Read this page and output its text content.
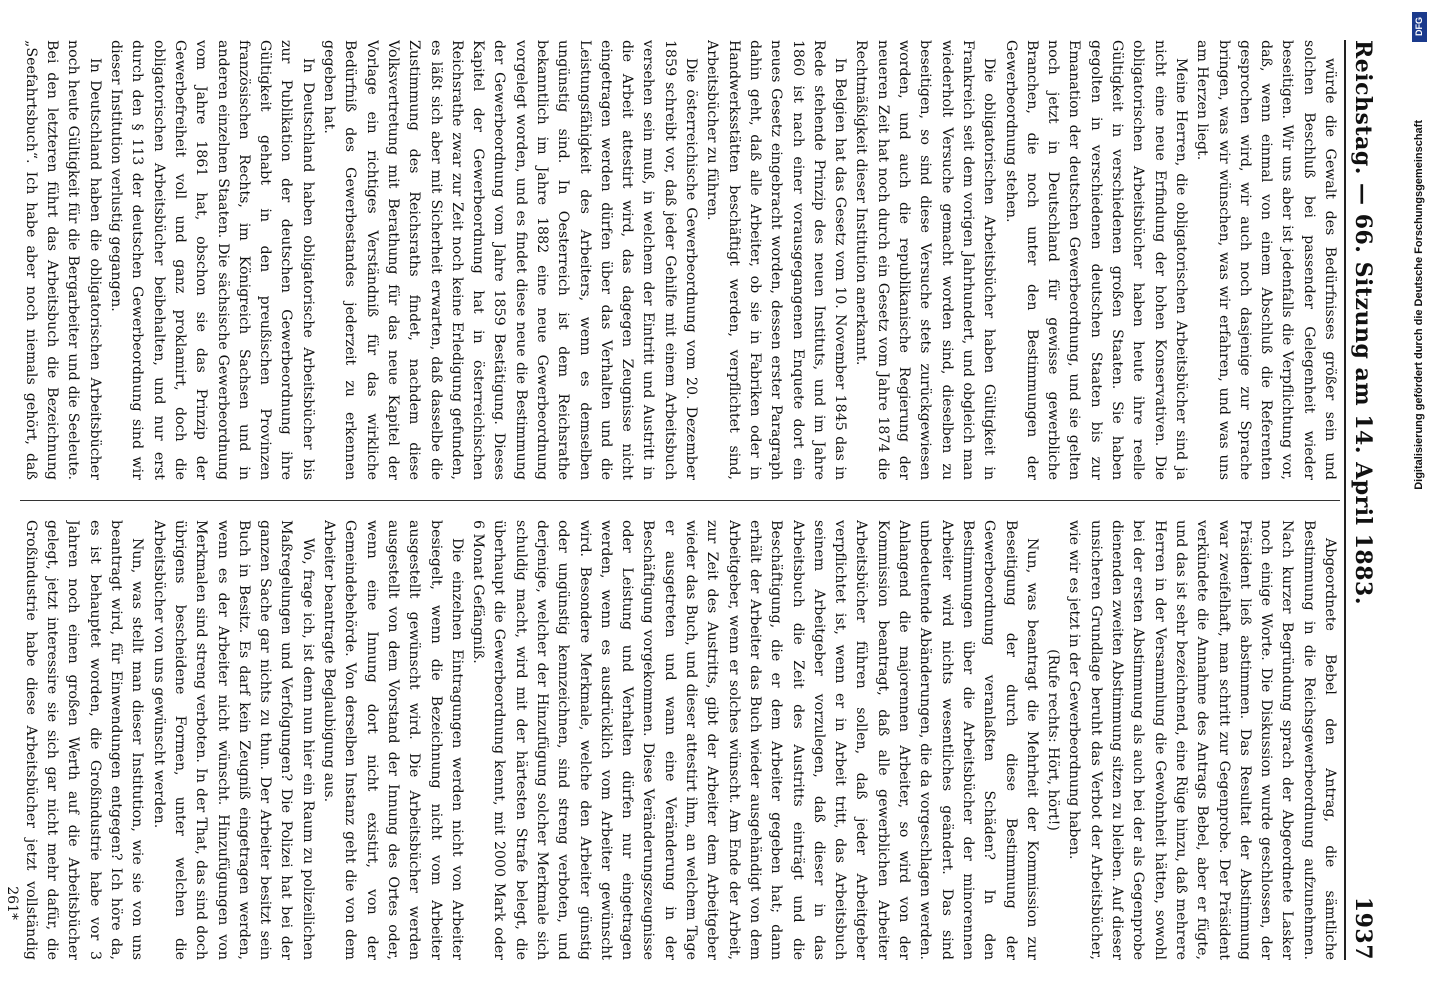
Reichstag. — 66. Sitzung am 14. April 1883.
1937

würde die Gewalt des Bedürfnisses größer sein und solchen Beschluß bei passender Gelegenheit wieder beseitigen. Wir uns aber ist jedenfalls die Verpflichtung vor, daß, wenn einmal von einem Abschluß die Referenten gesprochen wird, wir auch noch dasjenige zur Sprache bringen, was wir wünschen, was wir erfahren, und was uns am Herzen liegt.

Meine Herren, die obligatorischen Arbeitsbücher sind ja nicht eine neue Erfindung der hohen Konservativen. Die obligatorischen Arbeitsbücher haben heute ihre reelle Gültigkeit in verschiedenen großen Staaten. Sie haben gegolten in verschiedenen deutschen Staaten bis zur Emanation der deutschen Gewerbeordnung, und sie gelten noch jetzt in Deutschland für gewisse gewerbliche Branchen, die noch unter den Bestimmungen der Gewerbeordnung stehen.

Die obligatorischen Arbeitsbücher haben Gültigkeit in Frankreich seit dem vorigen Jahrhundert, und obgleich man wiederholt Versuche gemacht worden sind, dieselben zu beseitigen, so sind diese Versuche stets zurückgewiesen worden, und auch die republikanische Regierung der neueren Zeit hat noch durch ein Gesetz vom Jahre 1874 die Rechtmäßigkeit dieser Institution anerkannt.

In Belgien hat das Gesetz vom 10. November 1845 das in Rede stehende Prinzip des neuen Instituts, und im Jahre 1860 ist nach einer vorausgegangenen Enquete dort ein neues Gesetz eingebracht worden, dessen erster Paragraph dahin geht, daß alle Arbeiter, ob sie in Fabriken oder in Handwerksstätten beschäftigt werden, verpflichtet sind, Arbeitsbücher zu führen.

Die österreichische Gewerbeordnung vom 20. Dezember 1859 schreibt vor, daß jeder Gehilfe mit einem Arbeitsbuch versehen sein muß, in welchem der Eintritt und Austritt in die Arbeit attestirt wird, das dagegen Zeugnisse nicht eingetragen werden dürfen über das Verhalten und die Leistungsfähigkeit des Arbeiters, wenn es demselben ungünstig sind. In Oesterreich ist dem Reichsrathe bekanntlich im Jahre 1882 eine neue Gewerbeordnung vorgelegt worden, und es findet diese neue die Bestimmung der Gewerbeordnung vom Jahre 1859 Bestätigung. Dieses Kapitel der Gewerbeordnung hat in österreichischen Reichsrathe zwar zur Zeit noch keine Erledigung gefunden, es läßt sich aber mit Sicherheit erwarten, daß dasselbe die Zustimmung des Reichsraths findet, nachdem diese Volksvertretung mit Berathung für das neue Kapitel der Vorlage ein richtiges Verständniß für das wirkliche Bedürfniß des Gewerbestandes jederzeit zu erkennen gegeben hat.

In Deutschland haben obligatorische Arbeitsbücher bis zur Publikation der deutschen Gewerbeordnung ihre Gültigkeit gehabt in den preußischen Provinzen französischen Rechts, im Königreich Sachsen und in anderen einzelnen Staaten. Die sächsische Gewerbeordnung vom Jahre 1861 hat, obschon sie das Prinzip der Gewerbefreiheit voll und ganz proklamirt, doch die obligatorischen Arbeitsbücher beibehalten, und nur erst durch den § 113 der deutschen Gewerbeordnung sind wir dieser Institution verlustig gegangen.

In Deutschland haben die obligatorischen Arbeitsbücher noch heute Gültigkeit für die Bergarbeiter und die Seeleute. Bei den letzteren führt das Arbeitsbuch die Bezeichnung „Seefahrtsbuch“. Ich habe aber noch niemals gehört, daß

Abgeordnete Bebel den Antrag, die sämtliche Bestimmung in die Reichsgewerbeordnung aufzunehmen. Nach kurzer Begründung sprach der Abgeordnete Lasker noch einige Worte. Die Diskussion wurde geschlossen, der Präsident ließ abstimmen. Das Resultat der Abstimmung war zweifelhaft, man schritt zur Gegenprobe. Der Präsident verkündete die Annahme des Antrags Bebel, aber er fügte, und das ist sehr bezeichnend, eine Rüge hinzu, daß mehrere Herren in der Versammlung die Gewohnheit hätten, sowohl bei der ersten Abstimmung als auch bei der als Gegenprobe dienenden zweiten Abstimmung sitzen zu bleiben. Auf dieser unsicheren Grundlage beruht das Verbot der Arbeitsbücher, wie wir es jetzt in der Gewerbeordnung haben.

(Rufe rechts: Hört, hört!)

Nun, was beantragt die Mehrheit der Kommission zur Beseitigung der durch diese Bestimmung der Gewerbeordnung veranlaßten Schäden? In den Bestimmungen über die Arbeitsbücher der minorennen Arbeiter wird nichts wesentliches geändert. Das sind unbedeutende Abänderungen, die da vorgeschlagen werden. Anlangend die majorennen Arbeiter, so wird von der Kommission beantragt, daß alle gewerblichen Arbeiter Arbeitsbücher führen sollen, daß jeder Arbeitgeber verpflichtet ist, wenn er in Arbeit tritt, das Arbeitsbuch seinem Arbeitgeber vorzulegen, daß dieser in das Arbeitsbuch die Zeit des Austritts einträgt und die Beschäftigung, die er dem Arbeiter gegeben hat; dann erhält der Arbeiter das Buch wieder ausgehändigt von dem Arbeitgeber, wenn er solches wünscht. Am Ende der Arbeit, zur Zeit des Austritts, gibt der Arbeiter dem Arbeitgeber wieder das Buch, und dieser attestirt ihm, an welchem Tage er ausgetreten und wann eine Veränderung in der Beschäftigung vorgekommen. Diese Veränderungszeugnisse oder Leistung und Verhalten dürfen nur eingetragen werden, wenn es ausdrücklich vom Arbeiter gewünscht wird. Besondere Merkmale, welche den Arbeiter günstig oder ungünstig kennzeichnen, sind streng verboten, und derjenige, welcher der Hinzufügung solcher Merkmale sich schuldig macht, wird mit der härtesten Strafe belegt, die überhaupt die Gewerbeordnung kennt, mit 2000 Mark oder 6 Monat Gefängniß.

Die einzelnen Eintragungen werden nicht von Arbeiter besiegelt, wenn die Bezeichnung nicht vom Arbeiter ausgestellt gewünscht wird. Die Arbeitsbücher werden ausgestellt von dem Vorstand der Innung des Ortes oder, wenn eine Innung dort nicht existirt, von der Gemeindebehörde. Von derselben Instanz geht die von dem Arbeiter beantragte Beglaubigung aus.

Wo, frage ich, ist denn nun hier ein Raum zu polizeilichen Maßregelungen und Verfolgungen? Die Polizei hat bei der ganzen Sache gar nichts zu thun. Der Arbeiter besitzt sein Buch in Besitz. Es darf kein Zeugniß eingetragen werden, wenn es der Arbeiter nicht wünscht. Hinzufügungen von Merkmalen sind streng verboten. In der That, das sind doch übrigens bescheidene Formen, unter welchen die Arbeitsbücher von uns gewünscht werden.

Nun, was stellt man dieser Institution, wie sie von uns beantragt wird, für Einwendungen entgegen? Ich höre da, es ist behauptet worden, die Großindustrie habe vor 3 Jahren noch einen großen Werth auf die Arbeitsbücher gelegt, jetzt interessire sie sich gar nicht mehr dafür, die Großindustrie habe diese Arbeitsbücher jetzt vollständig

261*
Digitalisierung gefördert durch die Deutsche Forschungsgemeinschaft
DFG
